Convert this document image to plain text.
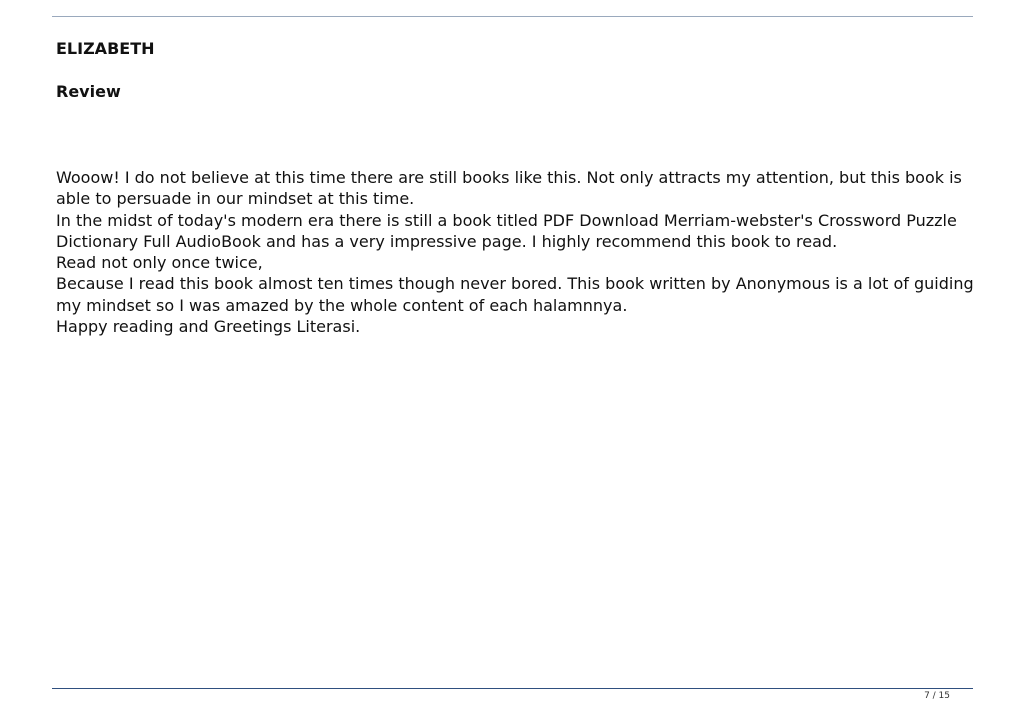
ELIZABETH
Review

Wooow! I do not believe at this time there are still books like this. Not only attracts my attention, but this book is able to persuade in our mindset at this time.

In the midst of today's modern era there is still a book titled PDF Download Merriam-webster's Crossword Puzzle Dictionary Full AudioBook and has a very impressive page. I highly recommend this book to read.

Read not only once twice,

Because I read this book almost ten times though never bored. This book written by Anonymous is a lot of guiding my mindset so I was amazed by the whole content of each halamnnya.

Happy reading and Greetings Literasi.

7 / 15
